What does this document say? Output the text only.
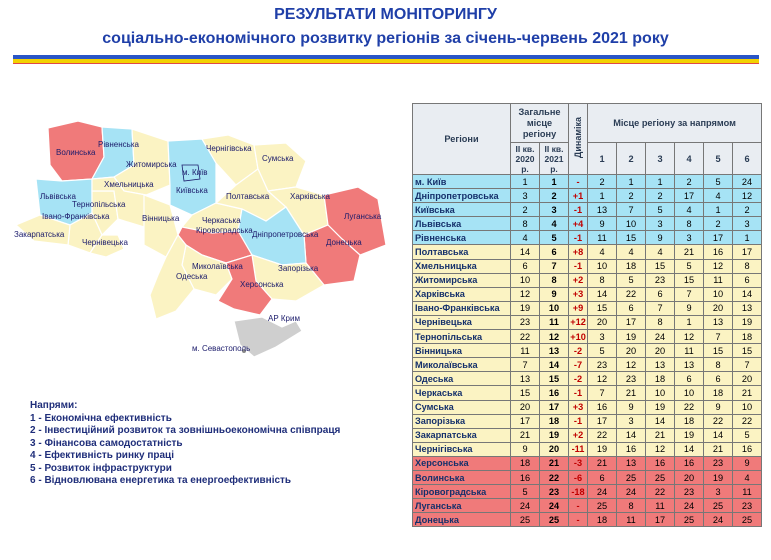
РЕЗУЛЬТАТИ МОНІТОРИНГУ
соціально-економічного розвитку регіонів за січень-червень 2021 року
Волинська
Рівненська
Житомирська
Чернігівська
Сумська
м. Київ
Київська
Львівська
Хмельницька
Тернопільська
Вінницька
Полтавська	Харківська
Луганська
Івано-Франківська
Закарпатська
Черкаська
Чернівецька
Кіровоградська Дніпропетровська
Донецька
Запорізька
Миколаївська
Одеська
Херсонська
АР Крим
м. Севастополь
Напрями:
1 - Економічна ефективність
2 - Інвестиційний розвиток та зовнішньоекономічна співпраця
3 - Фінансова самодостатність
4 - Ефективність ринку праці
5 - Розвиток інфраструктури
6 - Відновлювана енергетика та енергоефективність
Регіони	Загальне місце регіону		Динаміка	Місце регіону за напрямом					
	ІІ кв. 2020 р.	ІІ кв. 2021 р.		1	2	3	4	5	6
м. Київ	1	1	-	2	1	1	2	5	24
Дніпропетровська	3	2	+1	1	2	2	17	4	12
Київська	2	3	-1	13	7	5	4	1	2
Львівська	8	4	+4	9	10	3	8	2	3
Рівненська	4	5	-1	11	15	9	3	17	1
Полтавська	14	6	+8	4	4	4	21	16	17
Хмельницька	6	7	-1	10	18	15	5	12	8
Житомирська	10	8	+2	8	5	23	15	11	6
Харківська	12	9	+3	14	22	6	7	10	14
Івано-Франківська	19	10	+9	15	6	7	9	20	13
Чернівецька	23	11	+12	20	17	8	1	13	19
Тернопільська	22	12	+10	3	19	24	12	7	18
Вінницька	11	13	-2	5	20	20	11	15	15
Миколаївська	7	14	-7	23	12	13	13	8	7
Одеська	13	15	-2	12	23	18	6	6	20
Черкаська	15	16	-1	7	21	10	10	18	21
Сумська	20	17	+3	16	9	19	22	9	10
Запорізька	17	18	-1	17	3	14	18	22	22
Закарпатська	21	19	+2	22	14	21	19	14	5
Чернігівська	9	20	-11	19	16	12	14	21	16
Херсонська	18	21	-3	21	13	16	16	23	9
Волинська	16	22	-6	6	25	25	20	19	4
Кіровоградська	5	23	-18	24	24	22	23	3	11
Луганська	24	24	-	25	8	11	24	25	23
Донецька	25	25	-	18	11	17	25	24	25
